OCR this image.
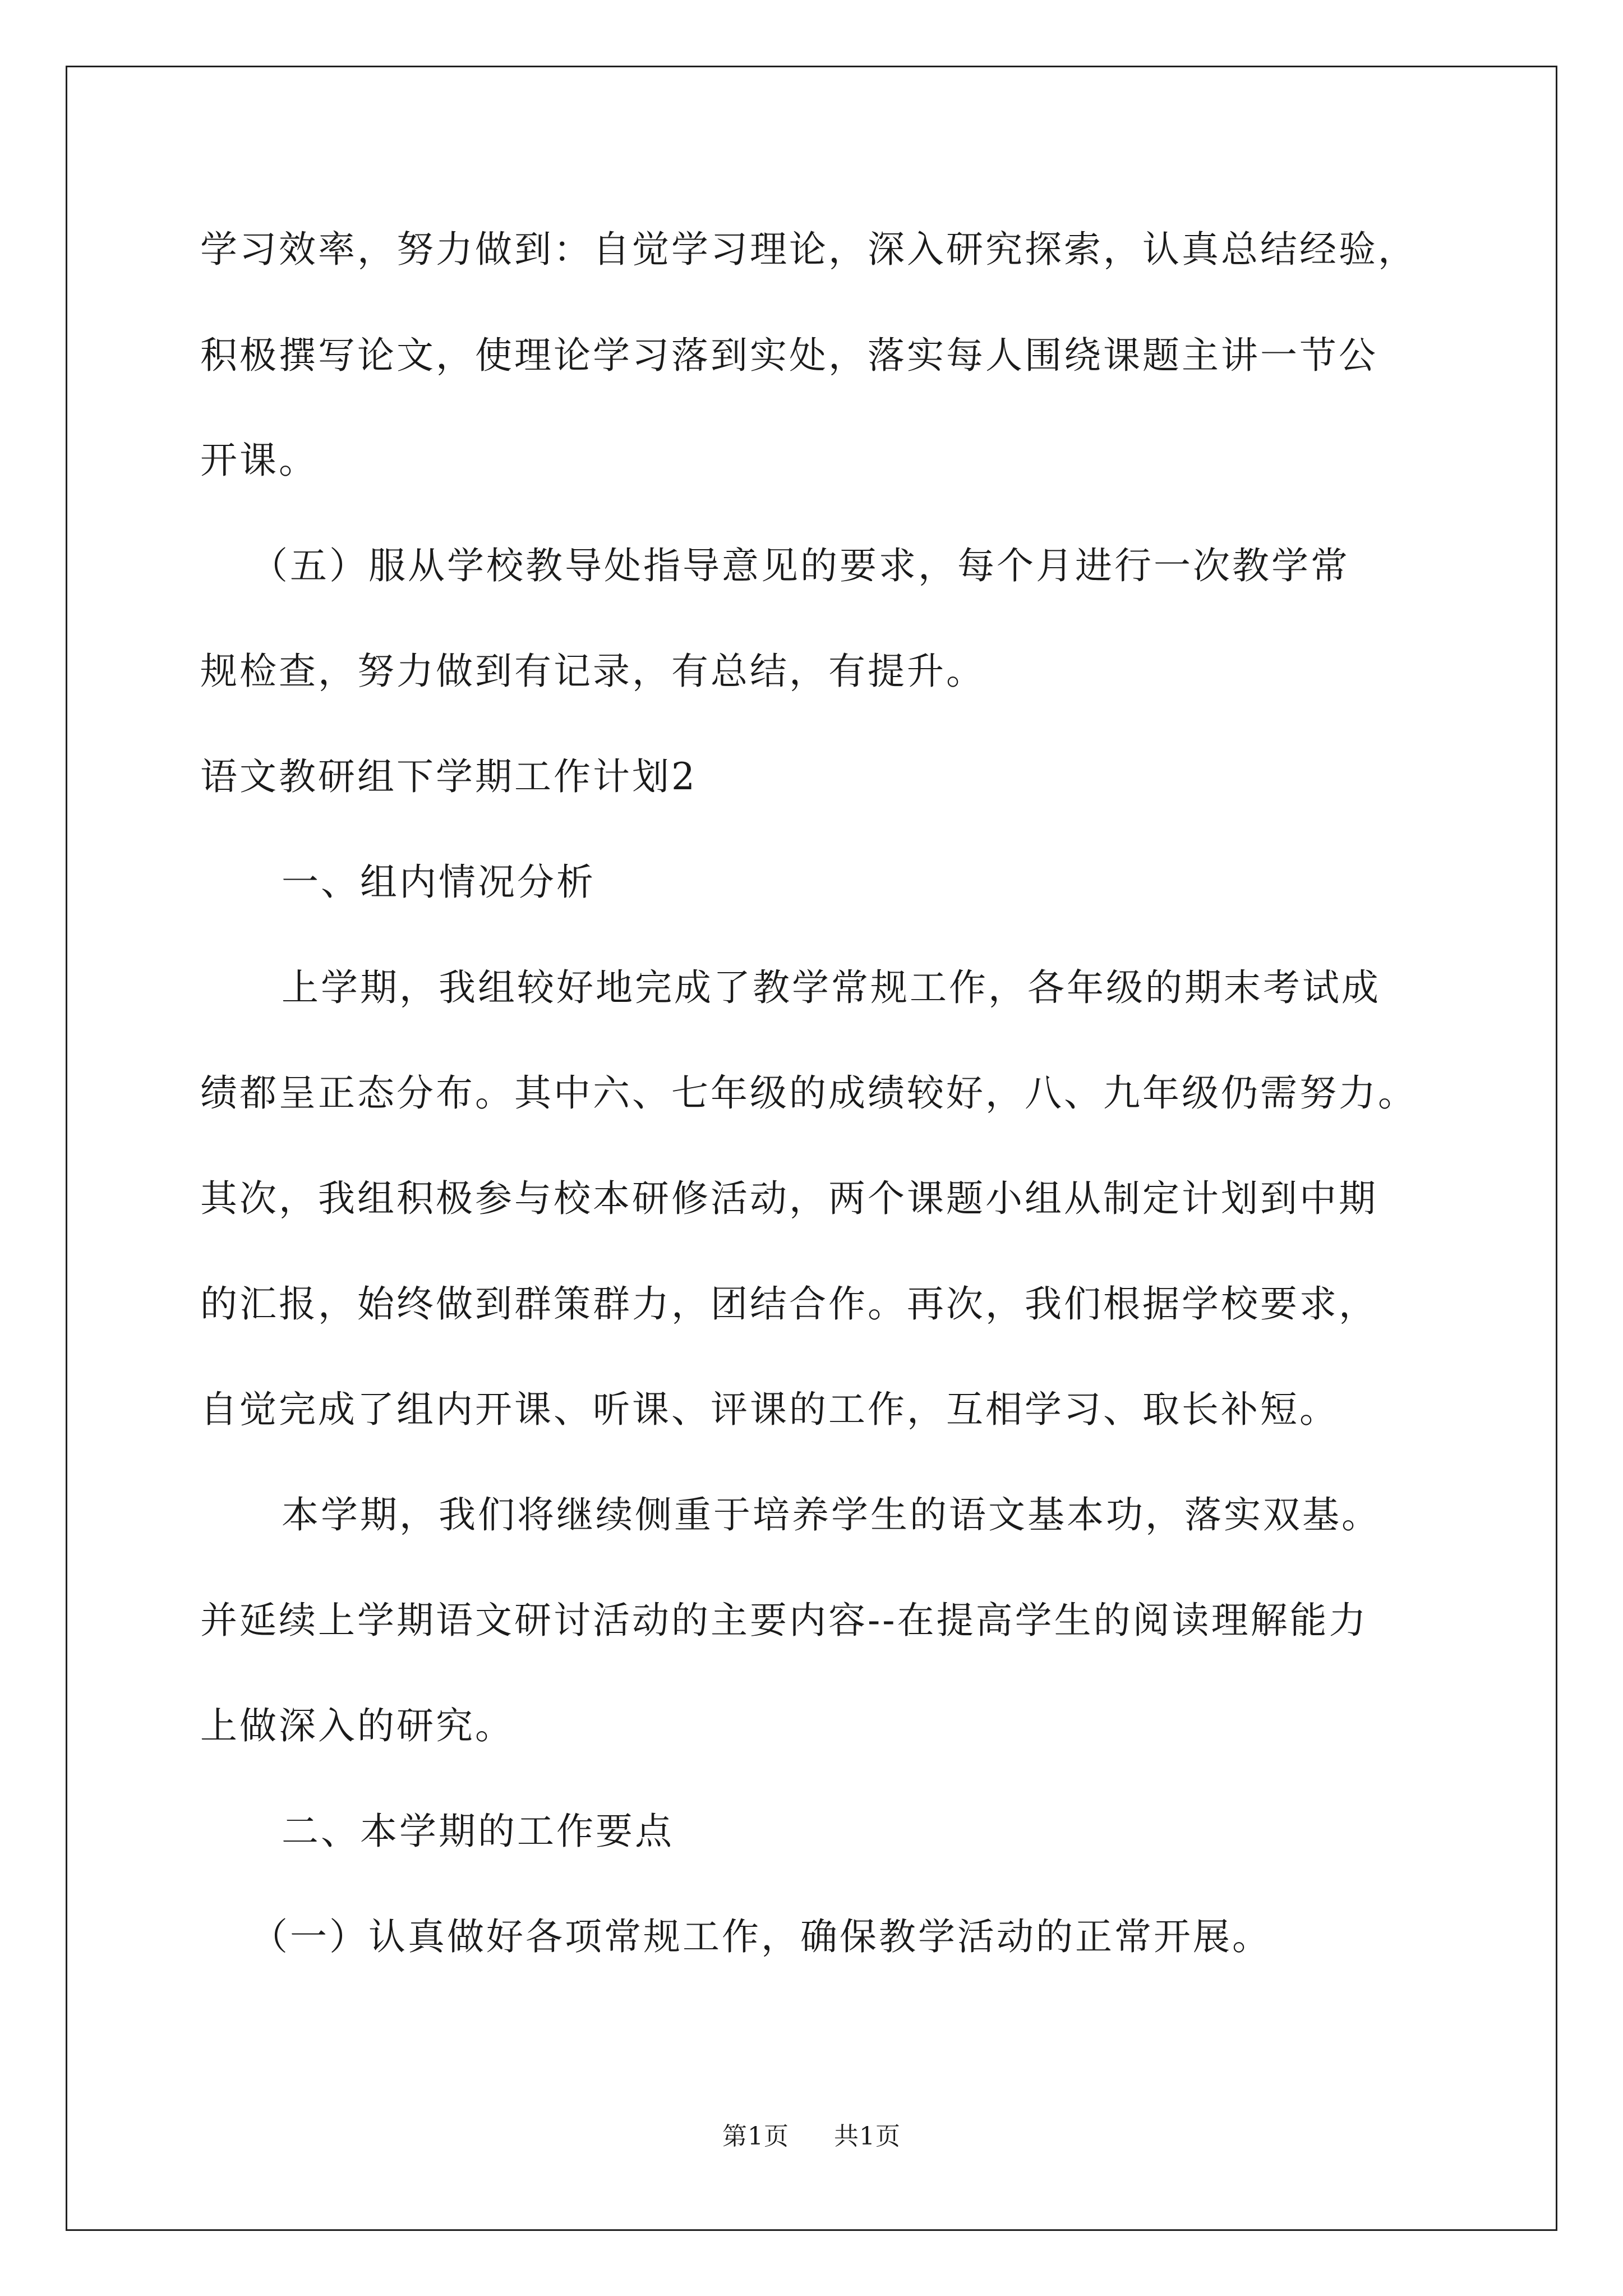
学习效率，努力做到：自觉学习理论，深入研究探索，认真总结经验，
积极撰写论文，使理论学习落到实处，落实每人围绕课题主讲一节公
开课。
（五）服从学校教导处指导意见的要求，每个月进行一次教学常
规检查，努力做到有记录，有总结，有提升。
语文教研组下学期工作计划2
一、组内情况分析
上学期，我组较好地完成了教学常规工作，各年级的期末考试成
绩都呈正态分布。其中六、七年级的成绩较好，八、九年级仍需努力。
其次，我组积极参与校本研修活动，两个课题小组从制定计划到中期
的汇报，始终做到群策群力，团结合作。再次，我们根据学校要求，
自觉完成了组内开课、听课、评课的工作，互相学习、取长补短。
本学期，我们将继续侧重于培养学生的语文基本功，落实双基。
并延续上学期语文研讨活动的主要内容--在提高学生的阅读理解能力
上做深入的研究。
二、本学期的工作要点
（一）认真做好各项常规工作，确保教学活动的正常开展。
第1页 共1页
